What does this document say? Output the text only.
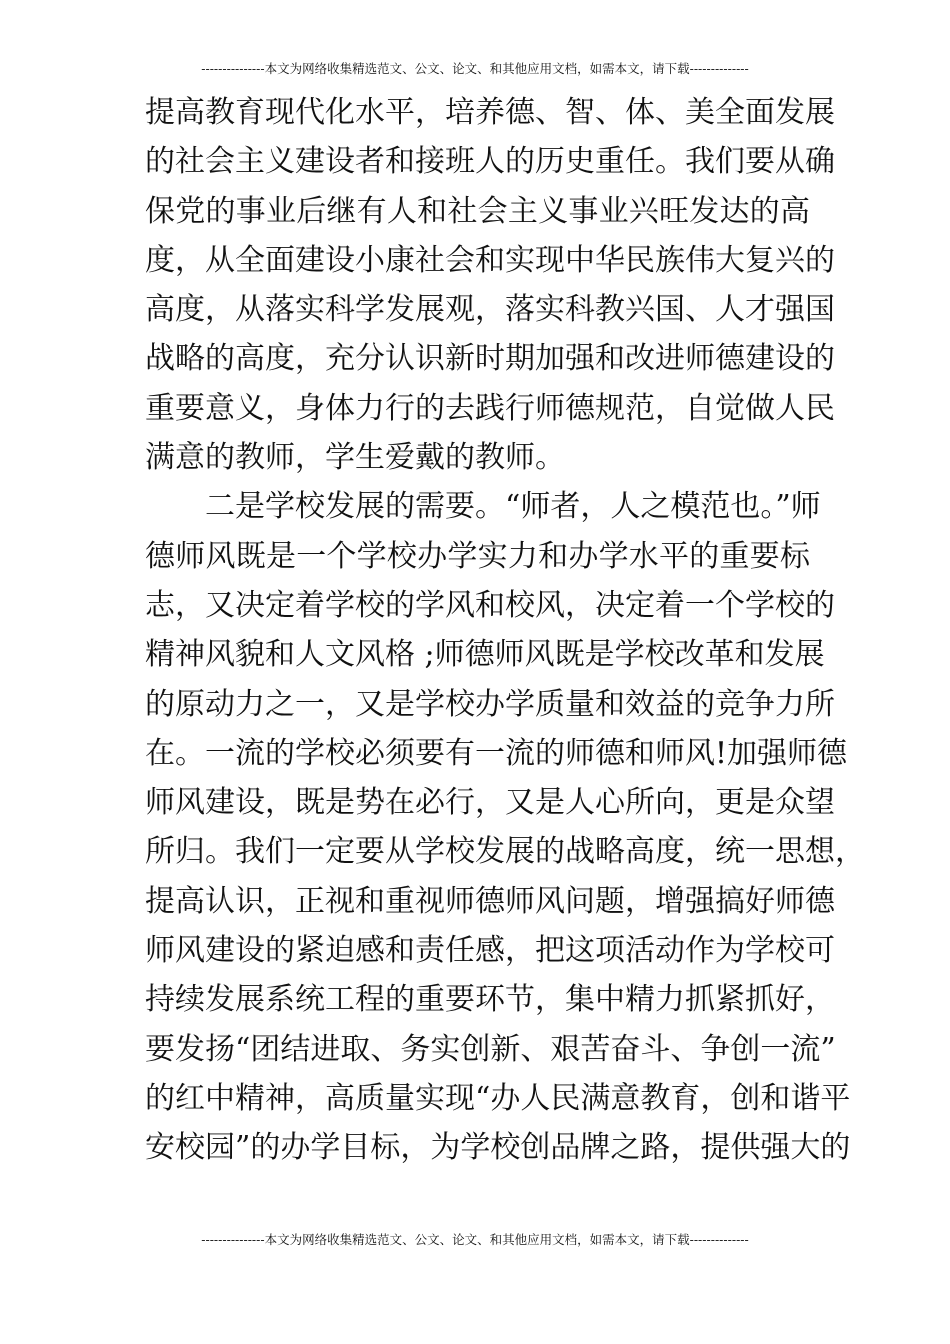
---------------本文为网络收集精选范文、公文、论文、和其他应用文档，如需本文，请下载--------------
提高教育现代化水平，培养德、智、体、美全面发展
的社会主义建设者和接班人的历史重任。我们要从确
保党的事业后继有人和社会主义事业兴旺发达的高
度，从全面建设小康社会和实现中华民族伟大复兴的
高度，从落实科学发展观，落实科教兴国、人才强国
战略的高度，充分认识新时期加强和改进师德建设的
重要意义，身体力行的去践行师德规范，自觉做人民
满意的教师，学生爱戴的教师。
二是学校发展的需要。“师者，人之模范也。”师
德师风既是一个学校办学实力和办学水平的重要标
志，又决定着学校的学风和校风，决定着一个学校的
精神风貌和人文风格 ;师德师风既是学校改革和发展
的原动力之一，又是学校办学质量和效益的竞争力所
在。一流的学校必须要有一流的师德和师风!加强师德
师风建设，既是势在必行，又是人心所向，更是众望
所归。我们一定要从学校发展的战略高度，统一思想，
提高认识，正视和重视师德师风问题，增强搞好师德
师风建设的紧迫感和责任感，把这项活动作为学校可
持续发展系统工程的重要环节，集中精力抓紧抓好，
要发扬“团结进取、务实创新、艰苦奋斗、争创一流”
的红中精神，高质量实现“办人民满意教育，创和谐平
安校园”的办学目标，为学校创品牌之路，提供强大的
---------------本文为网络收集精选范文、公文、论文、和其他应用文档，如需本文，请下载--------------
